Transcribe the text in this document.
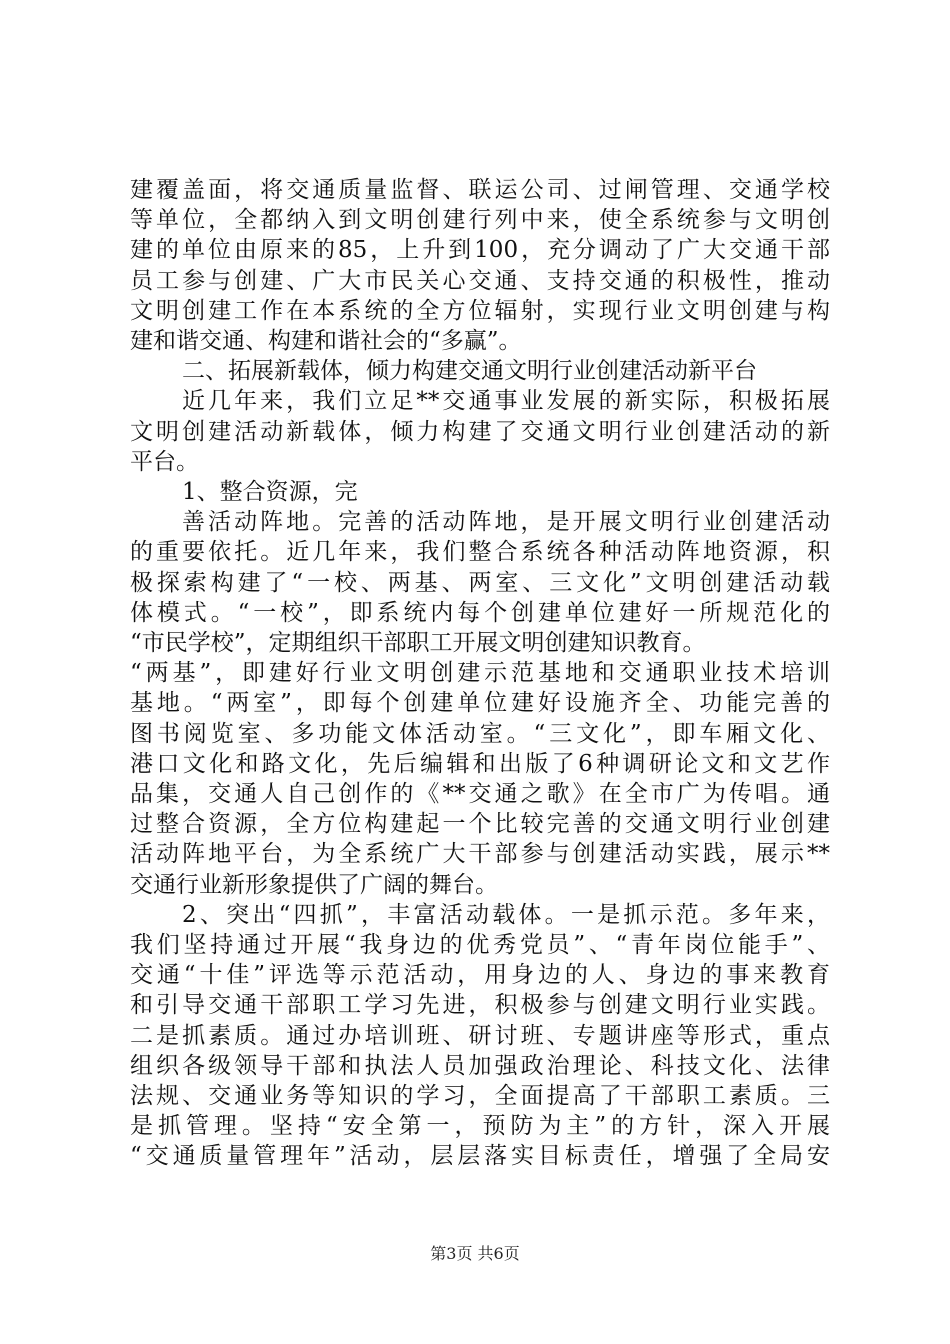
建覆盖面，将交通质量监督、联运公司、过闸管理、交通学校
等单位，全都纳入到文明创建行列中来，使全系统参与文明创
建的单位由原来的85，上升到100，充分调动了广大交通干部
员工参与创建、广大市民关心交通、支持交通的积极性，推动
文明创建工作在本系统的全方位辐射，实现行业文明创建与构
建和谐交通、构建和谐社会的“多赢”。
二、拓展新载体，倾力构建交通文明行业创建活动新平台
近几年来，我们立足**交通事业发展的新实际，积极拓展
文明创建活动新载体，倾力构建了交通文明行业创建活动的新
平台。
1、整合资源，完
善活动阵地。完善的活动阵地，是开展文明行业创建活动
的重要依托。近几年来，我们整合系统各种活动阵地资源，积
极探索构建了“一校、两基、两室、三文化”文明创建活动载
体模式。“一校”，即系统内每个创建单位建好一所规范化的
“市民学校”，定期组织干部职工开展文明创建知识教育。
“两基”，即建好行业文明创建示范基地和交通职业技术培训
基地。“两室”，即每个创建单位建好设施齐全、功能完善的
图书阅览室、多功能文体活动室。“三文化”，即车厢文化、
港口文化和路文化，先后编辑和出版了6种调研论文和文艺作
品集，交通人自己创作的《**交通之歌》在全市广为传唱。通
过整合资源，全方位构建起一个比较完善的交通文明行业创建
活动阵地平台，为全系统广大干部参与创建活动实践，展示**
交通行业新形象提供了广阔的舞台。
2、突出“四抓”，丰富活动载体。一是抓示范。多年来，
我们坚持通过开展“我身边的优秀党员”、“青年岗位能手”、
交通“十佳”评选等示范活动，用身边的人、身边的事来教育
和引导交通干部职工学习先进，积极参与创建文明行业实践。
二是抓素质。通过办培训班、研讨班、专题讲座等形式，重点
组织各级领导干部和执法人员加强政治理论、科技文化、法律
法规、交通业务等知识的学习，全面提高了干部职工素质。三
是抓管理。坚持“安全第一，预防为主”的方针，深入开展
“交通质量管理年”活动，层层落实目标责任，增强了全局安
第3页 共6页
